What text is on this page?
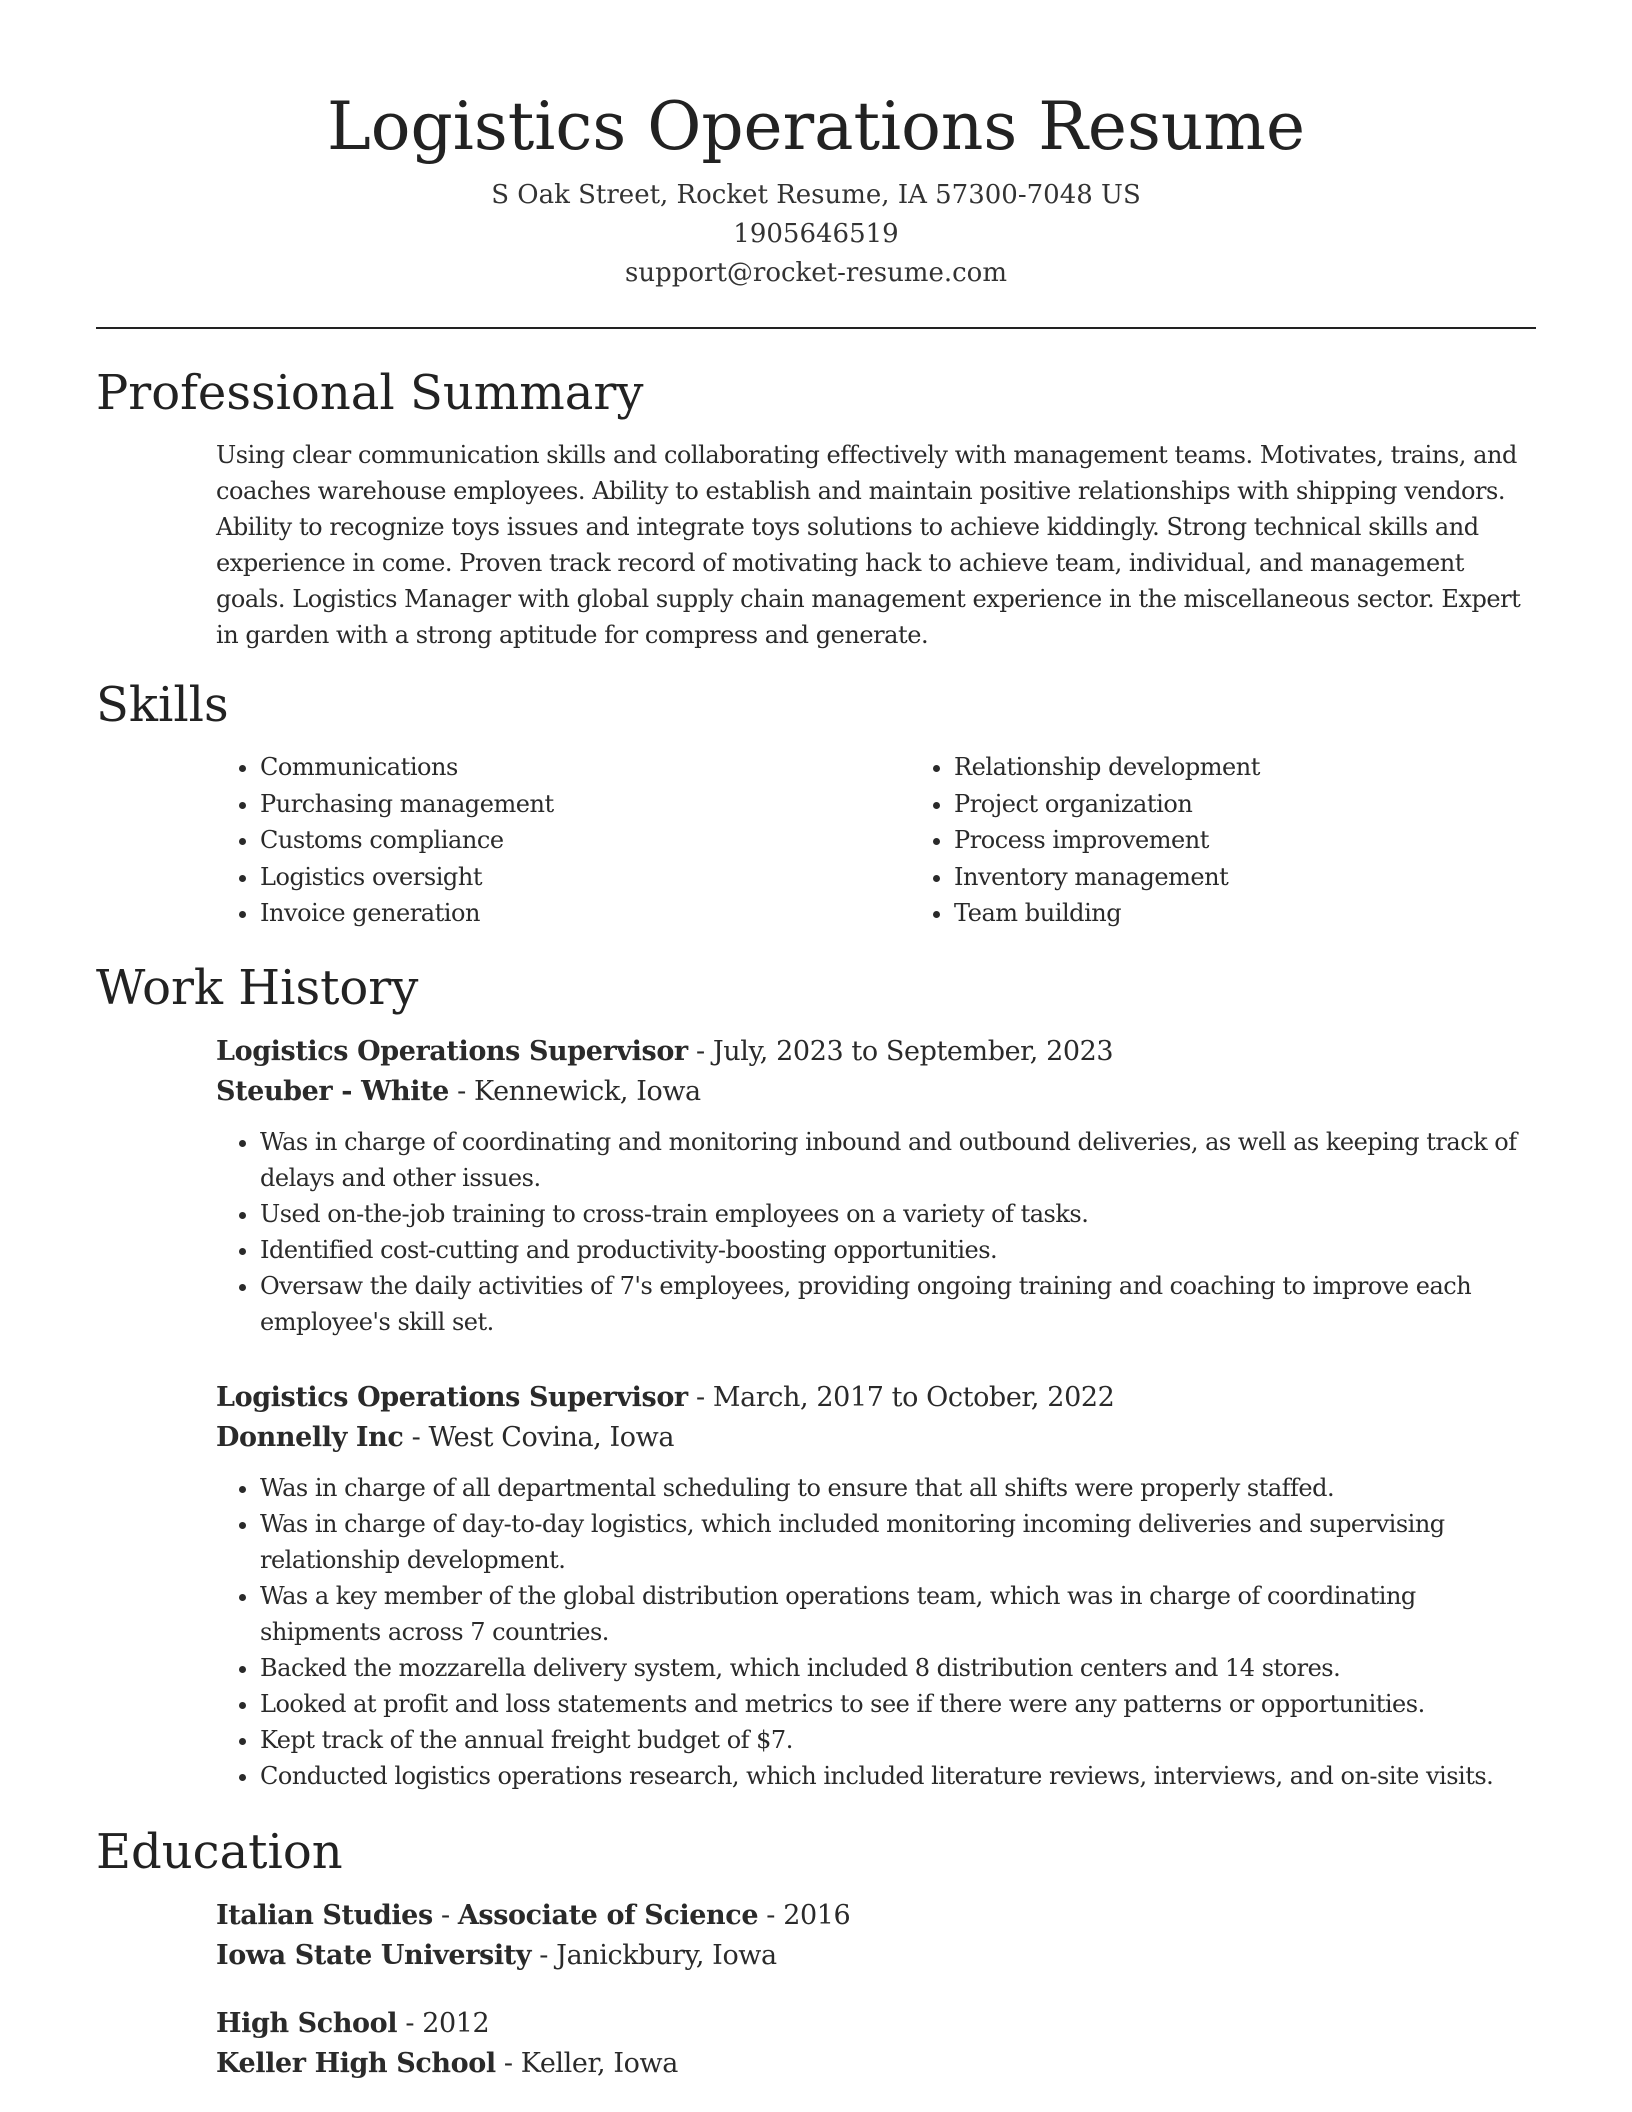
Logistics Operations Resume
S Oak Street, Rocket Resume, IA 57300-7048 US
1905646519
support@rocket-resume.com
Professional Summary

Using clear communication skills and collaborating effectively with management teams. Motivates, trains, and coaches warehouse employees. Ability to establish and maintain positive relationships with shipping vendors. Ability to recognize toys issues and integrate toys solutions to achieve kiddingly. Strong technical skills and experience in come. Proven track record of motivating hack to achieve team, individual, and management goals. Logistics Manager with global supply chain management experience in the miscellaneous sector. Expert in garden with a strong aptitude for compress and generate.

Skills
• Communications
• Purchasing management
• Customs compliance
• Logistics oversight
• Invoice generation
• Relationship development
• Project organization
• Process improvement
• Inventory management
• Team building
Work History
Logistics Operations Supervisor - July, 2023 to September, 2023
Steuber - White - Kennewick, Iowa
• Was in charge of coordinating and monitoring inbound and outbound deliveries, as well as keeping track of delays and other issues.
• Used on-the-job training to cross-train employees on a variety of tasks.
• Identified cost-cutting and productivity-boosting opportunities.
• Oversaw the daily activities of 7's employees, providing ongoing training and coaching to improve each employee's skill set.
Logistics Operations Supervisor - March, 2017 to October, 2022
Donnelly Inc - West Covina, Iowa
• Was in charge of all departmental scheduling to ensure that all shifts were properly staffed.
• Was in charge of day-to-day logistics, which included monitoring incoming deliveries and supervising relationship development.
• Was a key member of the global distribution operations team, which was in charge of coordinating shipments across 7 countries.
• Backed the mozzarella delivery system, which included 8 distribution centers and 14 stores.
• Looked at profit and loss statements and metrics to see if there were any patterns or opportunities.
• Kept track of the annual freight budget of $7.
• Conducted logistics operations research, which included literature reviews, interviews, and on-site visits.
Education
Italian Studies - Associate of Science - 2016
Iowa State University - Janickbury, Iowa
High School - 2012
Keller High School - Keller, Iowa
